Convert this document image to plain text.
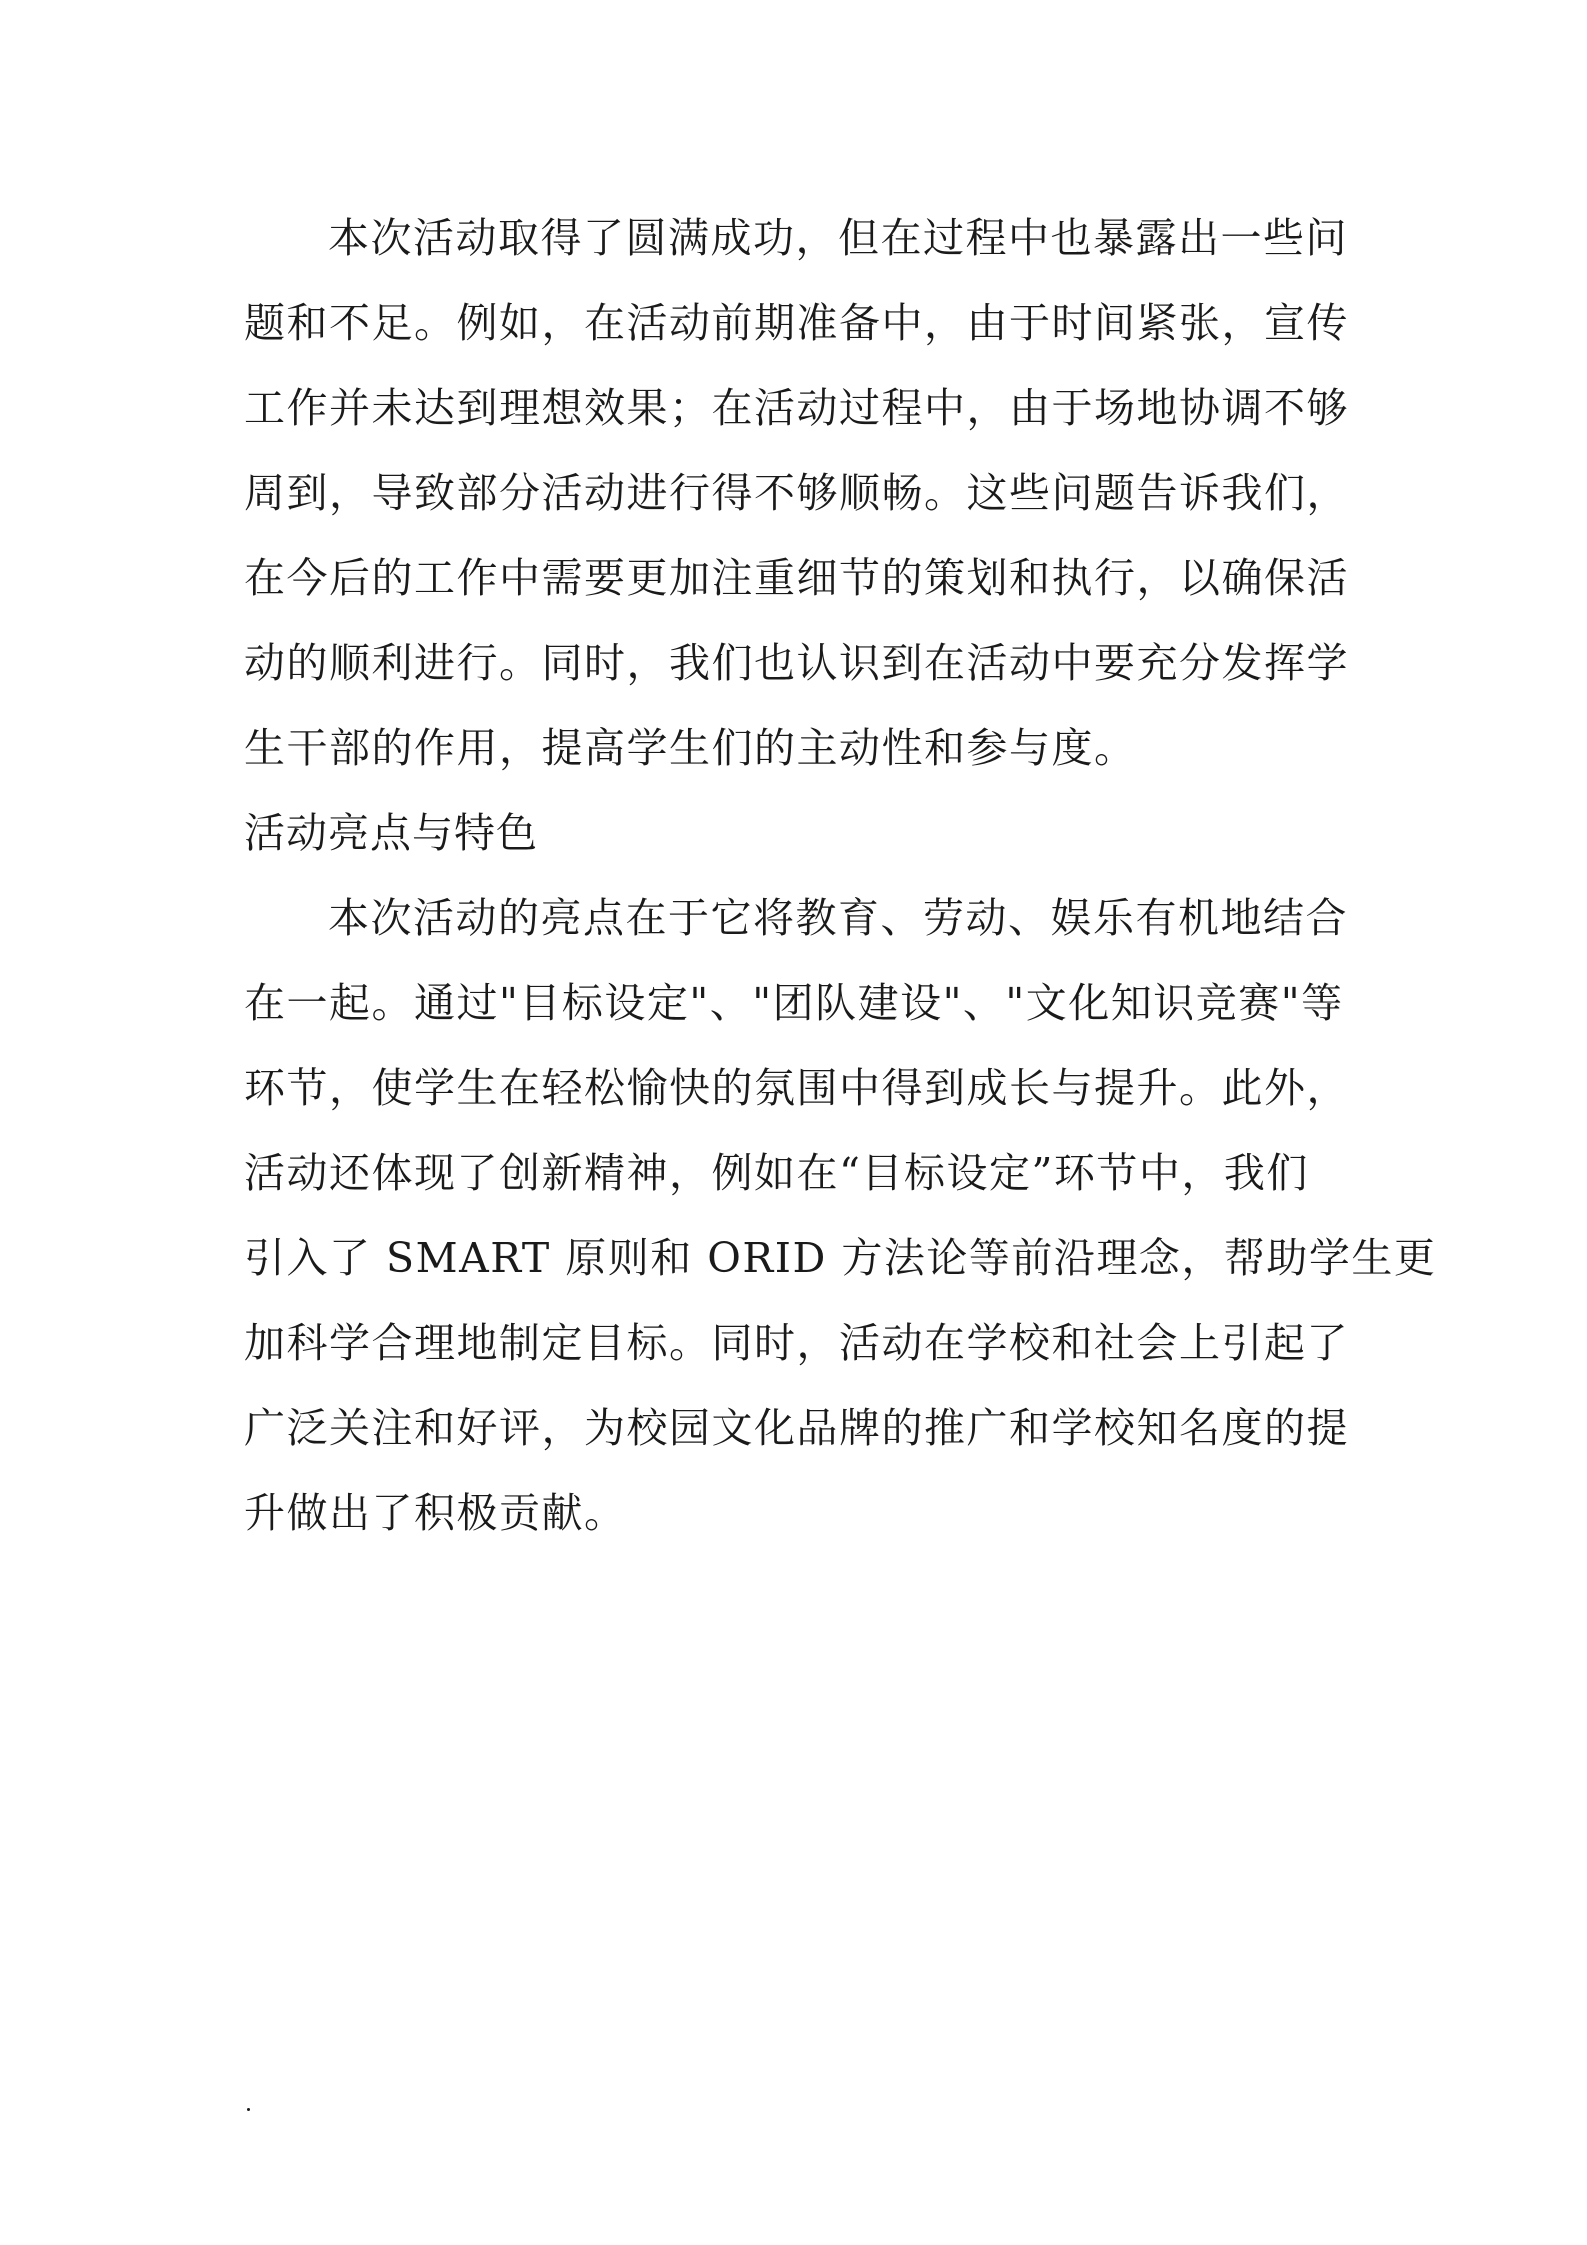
本次活动取得了圆满成功，但在过程中也暴露出一些问
题和不足。例如，在活动前期准备中，由于时间紧张，宣传
工作并未达到理想效果；在活动过程中，由于场地协调不够
周到，导致部分活动进行得不够顺畅。这些问题告诉我们，
在今后的工作中需要更加注重细节的策划和执行，以确保活
动的顺利进行。同时，我们也认识到在活动中要充分发挥学
生干部的作用，提高学生们的主动性和参与度。
活动亮点与特色
本次活动的亮点在于它将教育、劳动、娱乐有机地结合
在一起。通过"目标设定"、"团队建设"、"文化知识竞赛"等
环节，使学生在轻松愉快的氛围中得到成长与提升。此外，
活动还体现了创新精神，例如在“目标设定”环节中，我们
引入了 SMART 原则和 ORID 方法论等前沿理念，帮助学生更
加科学合理地制定目标。同时，活动在学校和社会上引起了
广泛关注和好评，为校园文化品牌的推广和学校知名度的提
升做出了积极贡献。
